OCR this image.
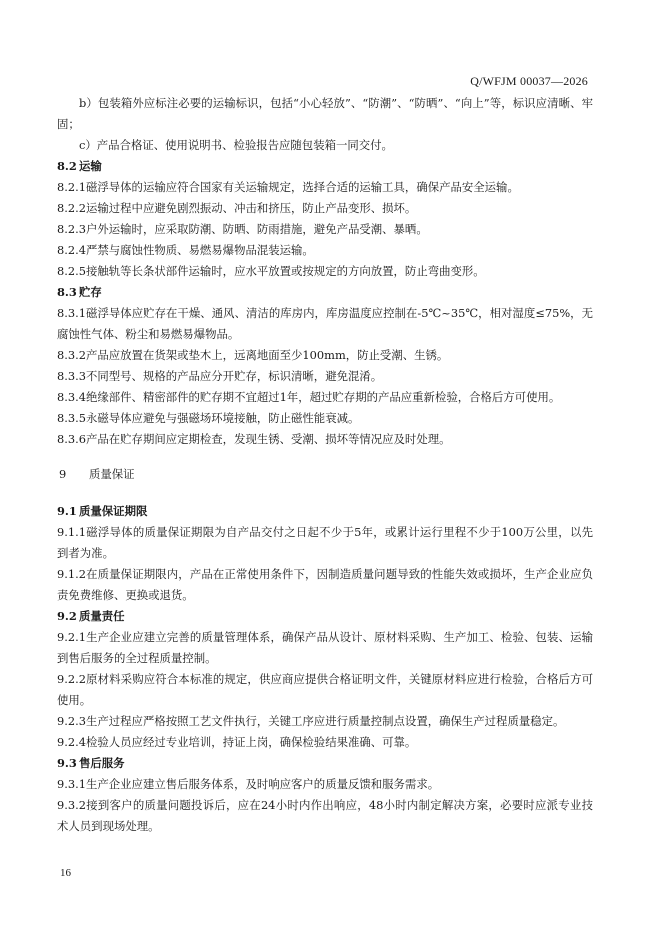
Q/WFJM 00037—2026

b）包装箱外应标注必要的运输标识，包括“小心轻放”、“防潮”、“防晒”、“向上”等，标识应清晰、牢固；

c）产品合格证、使用说明书、检验报告应随包装箱一同交付。

8.2 运输

8.2.1磁浮导体的运输应符合国家有关运输规定，选择合适的运输工具，确保产品安全运输。

8.2.2运输过程中应避免剧烈振动、冲击和挤压，防止产品变形、损坏。

8.2.3户外运输时，应采取防潮、防晒、防雨措施，避免产品受潮、暴晒。

8.2.4严禁与腐蚀性物质、易燃易爆物品混装运输。

8.2.5接触轨等长条状部件运输时，应水平放置或按规定的方向放置，防止弯曲变形。

8.3 贮存

8.3.1磁浮导体应贮存在干燥、通风、清洁的库房内，库房温度应控制在-5℃~35℃，相对湿度≤75%，无腐蚀性气体、粉尘和易燃易爆物品。

8.3.2产品应放置在货架或垫木上，远离地面至少100mm，防止受潮、生锈。

8.3.3不同型号、规格的产品应分开贮存，标识清晰，避免混淆。

8.3.4绝缘部件、精密部件的贮存期不宜超过1年，超过贮存期的产品应重新检验，合格后方可使用。

8.3.5永磁导体应避免与强磁场环境接触，防止磁性能衰减。

8.3.6产品在贮存期间应定期检查，发现生锈、受潮、损坏等情况应及时处理。

9 质量保证

9.1 质量保证期限

9.1.1磁浮导体的质量保证期限为自产品交付之日起不少于5年，或累计运行里程不少于100万公里，以先到者为准。

9.1.2在质量保证期限内，产品在正常使用条件下，因制造质量问题导致的性能失效或损坏，生产企业应负责免费维修、更换或退货。

9.2 质量责任

9.2.1生产企业应建立完善的质量管理体系，确保产品从设计、原材料采购、生产加工、检验、包装、运输到售后服务的全过程质量控制。

9.2.2原材料采购应符合本标准的规定，供应商应提供合格证明文件，关键原材料应进行检验，合格后方可使用。

9.2.3生产过程应严格按照工艺文件执行，关键工序应进行质量控制点设置，确保生产过程质量稳定。

9.2.4检验人员应经过专业培训，持证上岗，确保检验结果准确、可靠。

9.3 售后服务

9.3.1生产企业应建立售后服务体系，及时响应客户的质量反馈和服务需求。

9.3.2接到客户的质量问题投诉后，应在24小时内作出响应，48小时内制定解决方案，必要时应派专业技术人员到现场处理。

16
